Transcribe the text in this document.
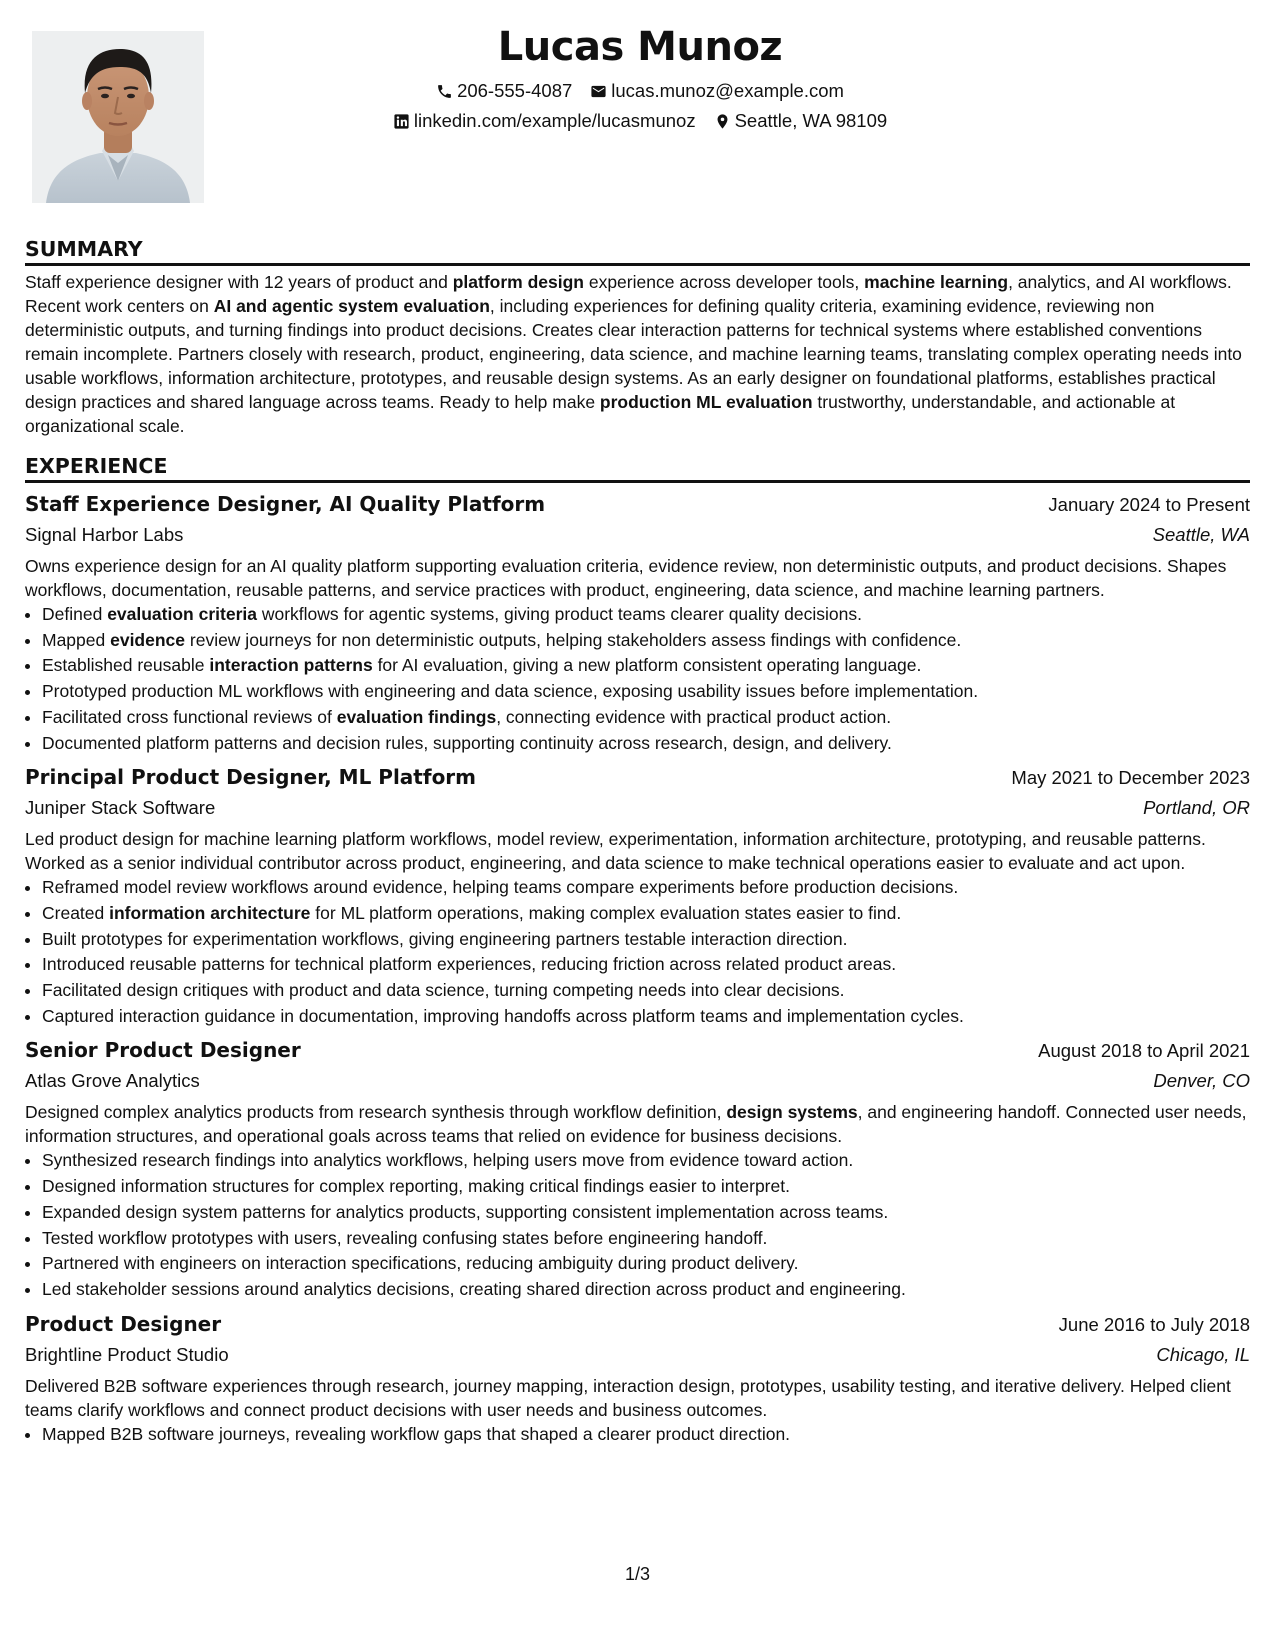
Lucas Munoz
206-555-4087 lucas.munoz@example.com
linkedin.com/example/lucasmunoz Seattle, WA 98109
SUMMARY

Staff experience designer with 12 years of product and platform design experience across developer tools, machine learning, analytics, and AI workflows. Recent work centers on AI and agentic system evaluation, including experiences for defining quality criteria, examining evidence, reviewing non deterministic outputs, and turning findings into product decisions. Creates clear interaction patterns for technical systems where established conventions remain incomplete. Partners closely with research, product, engineering, data science, and machine learning teams, translating complex operating needs into usable workflows, information architecture, prototypes, and reusable design systems. As an early designer on foundational platforms, establishes practical design practices and shared language across teams. Ready to help make production ML evaluation trustworthy, understandable, and actionable at organizational scale.

EXPERIENCE
Staff Experience Designer, AI Quality Platform	January 2024 to Present
Signal Harbor Labs	Seattle, WA

Owns experience design for an AI quality platform supporting evaluation criteria, evidence review, non deterministic outputs, and product decisions. Shapes workflows, documentation, reusable patterns, and service practices with product, engineering, data science, and machine learning partners.

• Defined evaluation criteria workflows for agentic systems, giving product teams clearer quality decisions.
• Mapped evidence review journeys for non deterministic outputs, helping stakeholders assess findings with confidence.
• Established reusable interaction patterns for AI evaluation, giving a new platform consistent operating language.
• Prototyped production ML workflows with engineering and data science, exposing usability issues before implementation.
• Facilitated cross functional reviews of evaluation findings, connecting evidence with practical product action.
• Documented platform patterns and decision rules, supporting continuity across research, design, and delivery.
Principal Product Designer, ML Platform	May 2021 to December 2023
Juniper Stack Software	Portland, OR

Led product design for machine learning platform workflows, model review, experimentation, information architecture, prototyping, and reusable patterns. Worked as a senior individual contributor across product, engineering, and data science to make technical operations easier to evaluate and act upon.

• Reframed model review workflows around evidence, helping teams compare experiments before production decisions.
• Created information architecture for ML platform operations, making complex evaluation states easier to find.
• Built prototypes for experimentation workflows, giving engineering partners testable interaction direction.
• Introduced reusable patterns for technical platform experiences, reducing friction across related product areas.
• Facilitated design critiques with product and data science, turning competing needs into clear decisions.
• Captured interaction guidance in documentation, improving handoffs across platform teams and implementation cycles.
Senior Product Designer	August 2018 to April 2021
Atlas Grove Analytics	Denver, CO

Designed complex analytics products from research synthesis through workflow definition, design systems, and engineering handoff. Connected user needs, information structures, and operational goals across teams that relied on evidence for business decisions.

• Synthesized research findings into analytics workflows, helping users move from evidence toward action.
• Designed information structures for complex reporting, making critical findings easier to interpret.
• Expanded design system patterns for analytics products, supporting consistent implementation across teams.
• Tested workflow prototypes with users, revealing confusing states before engineering handoff.
• Partnered with engineers on interaction specifications, reducing ambiguity during product delivery.
• Led stakeholder sessions around analytics decisions, creating shared direction across product and engineering.
Product Designer	June 2016 to July 2018
Brightline Product Studio	Chicago, IL

Delivered B2B software experiences through research, journey mapping, interaction design, prototypes, usability testing, and iterative delivery. Helped client teams clarify workflows and connect product decisions with user needs and business outcomes.

• Mapped B2B software journeys, revealing workflow gaps that shaped a clearer product direction.
1/3
